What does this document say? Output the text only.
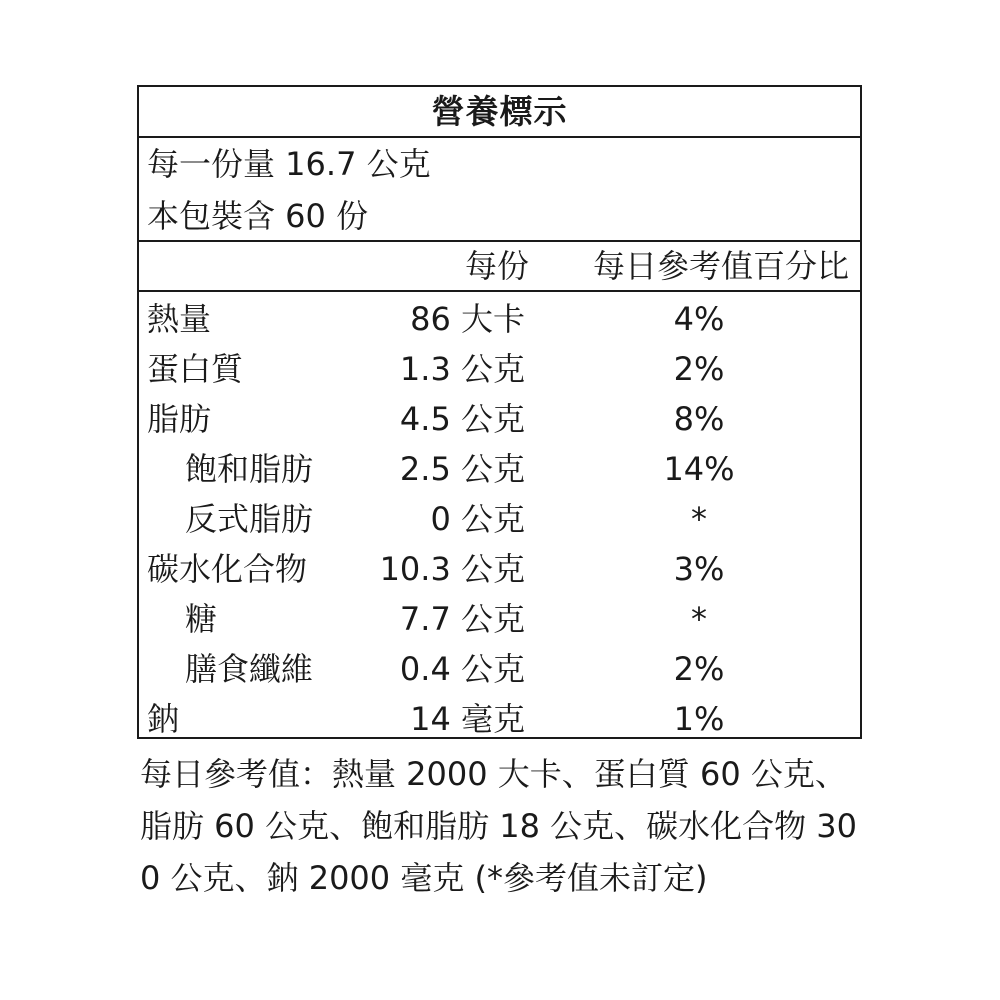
營養標示
每一份量 16.7 公克
本包裝含 60 份
每份	每日參考值百分比
熱量	86 大卡	4%
蛋白質	1.3 公克	2%
脂肪	4.5 公克	8%
飽和脂肪	2.5 公克	14%
反式脂肪	0 公克	*
碳水化合物	10.3 公克	3%
糖	7.7 公克	*
膳食纖維	0.4 公克	2%
鈉	14 毫克	1%
每日參考值：熱量 2000 大卡、蛋白質 60 公克、脂肪 60 公克、飽和脂肪 18 公克、碳水化合物 300 公克、鈉 2000 毫克 (*參考值未訂定)
